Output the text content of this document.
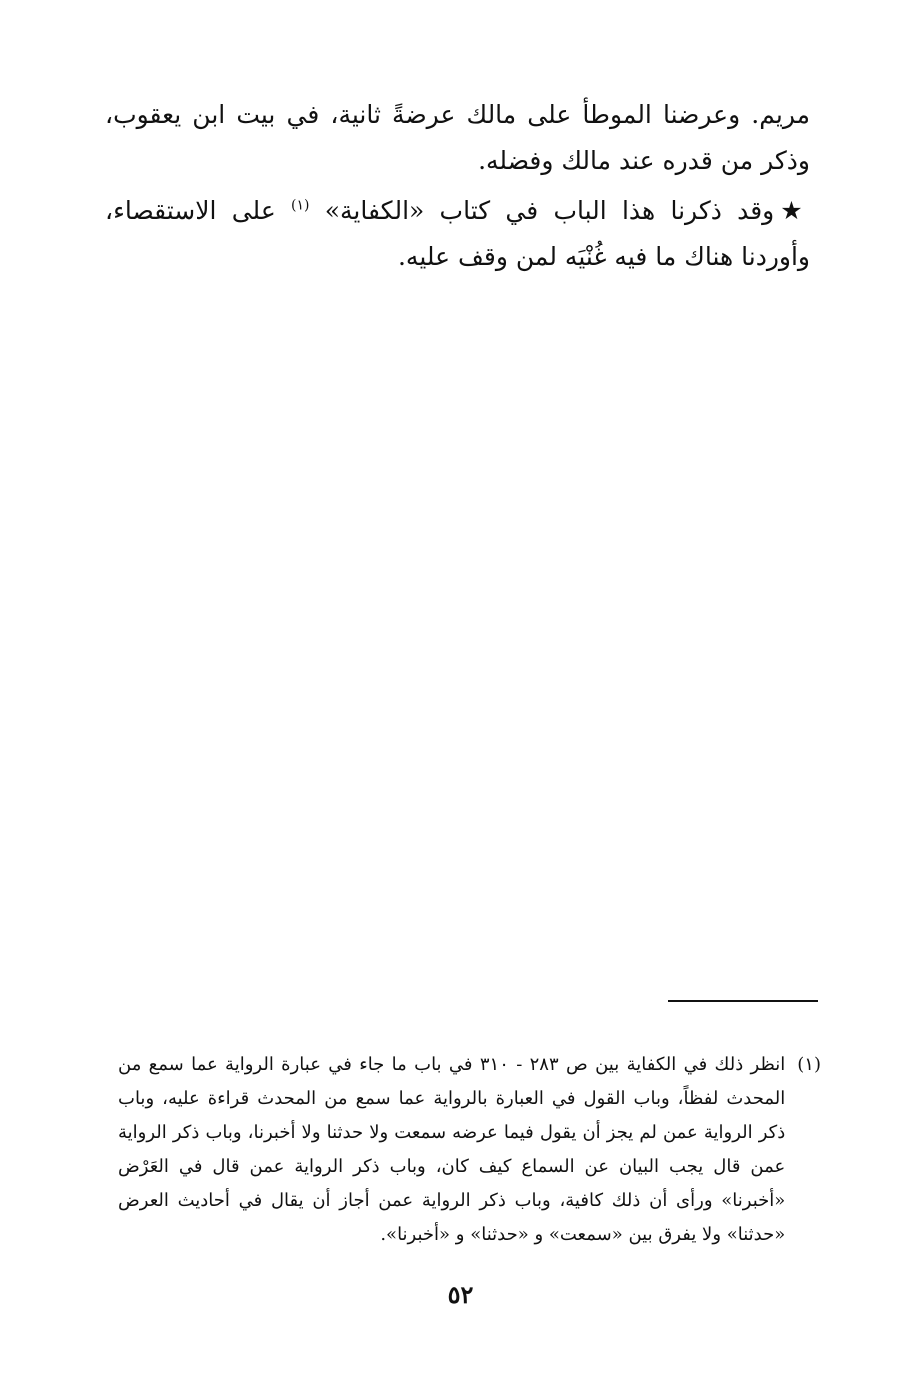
مريم. وعرضنا الموطأ على مالك عرضةً ثانية، في بيت ابن يعقوب، وذكر من قدره عند مالك وفضله.

★وقد ذكرنا هذا الباب في كتاب «الكفاية» $^{(١)}$ على الاستقصاء، وأوردنا هناك ما فيه غُنْيَه لمن وقف عليه.

(١)
انظر ذلك في الكفاية بين ص ٢٨٣ - ٣١٠ في باب ما جاء في عبارة الرواية عما سمع من المحدث لفظاً، وباب القول في العبارة بالرواية عما سمع من المحدث قراءة عليه، وباب ذكر الرواية عمن لم يجز أن يقول فيما عرضه سمعت ولا حدثنا ولا أخبرنا، وباب ذكر الرواية عمن قال يجب البيان عن السماع كيف كان، وباب ذكر الرواية عمن قال في العَرْض «أخبرنا» ورأى أن ذلك كافية، وباب ذكر الرواية عمن أجاز أن يقال في أحاديث العرض «حدثنا» ولا يفرق بين «سمعت» و «حدثنا» و «أخبرنا».
٥٢
